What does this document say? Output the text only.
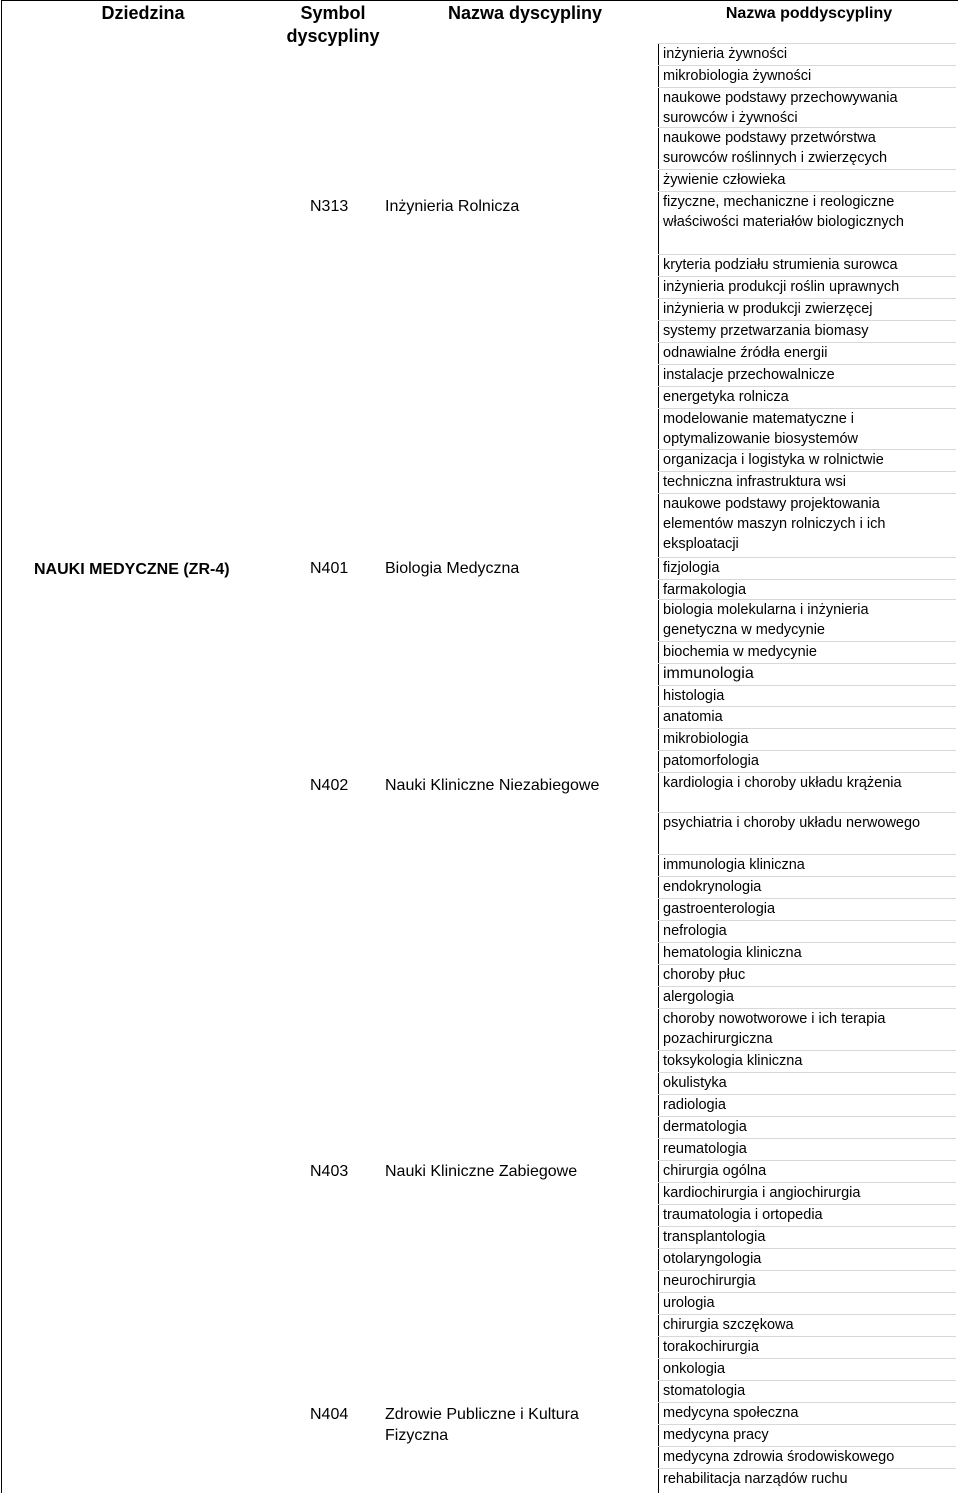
Dziedzina	Symbol dyscypliny
Nazwa dyscypliny	Nazwa poddyscypliny
NAUKI MEDYCZNE (ZR-4)
N313 Inżynieria Rolnicza
N401 Biologia Medyczna
N402 Nauki Kliniczne Niezabiegowe
N403 Nauki Kliniczne Zabiegowe
N404 Zdrowie Publiczne i Kultura Fizyczna
inżynieria żywności
mikrobiologia żywności
naukowe podstawy przechowywania
surowców i żywności
naukowe podstawy przetwórstwa
surowców roślinnych i zwierzęcych
żywienie człowieka
fizyczne, mechaniczne i reologiczne
właściwości materiałów biologicznych
kryteria podziału strumienia surowca
inżynieria produkcji roślin uprawnych
inżynieria w produkcji zwierzęcej
systemy przetwarzania biomasy
odnawialne źródła energii
instalacje przechowalnicze
energetyka rolnicza
modelowanie matematyczne i
optymalizowanie biosystemów
organizacja i logistyka w rolnictwie
techniczna infrastruktura wsi
naukowe podstawy projektowania
elementów maszyn rolniczych i ich
eksploatacji
fizjologia
farmakologia
biologia molekularna i inżynieria
genetyczna w medycynie
biochemia w medycynie
immunologia
histologia
anatomia
mikrobiologia
patomorfologia
kardiologia i choroby układu krążenia
psychiatria i choroby układu nerwowego
immunologia kliniczna
endokrynologia
gastroenterologia
nefrologia
hematologia kliniczna
choroby płuc
alergologia
choroby nowotworowe i ich terapia
pozachirurgiczna
toksykologia kliniczna
okulistyka
radiologia
dermatologia
reumatologia
chirurgia ogólna
kardiochirurgia i angiochirurgia
traumatologia i ortopedia
transplantologia
otolaryngologia
neurochirurgia
urologia
chirurgia szczękowa
torakochirurgia
onkologia
stomatologia
medycyna społeczna
medycyna pracy
medycyna zdrowia środowiskowego
rehabilitacja narządów ruchu
